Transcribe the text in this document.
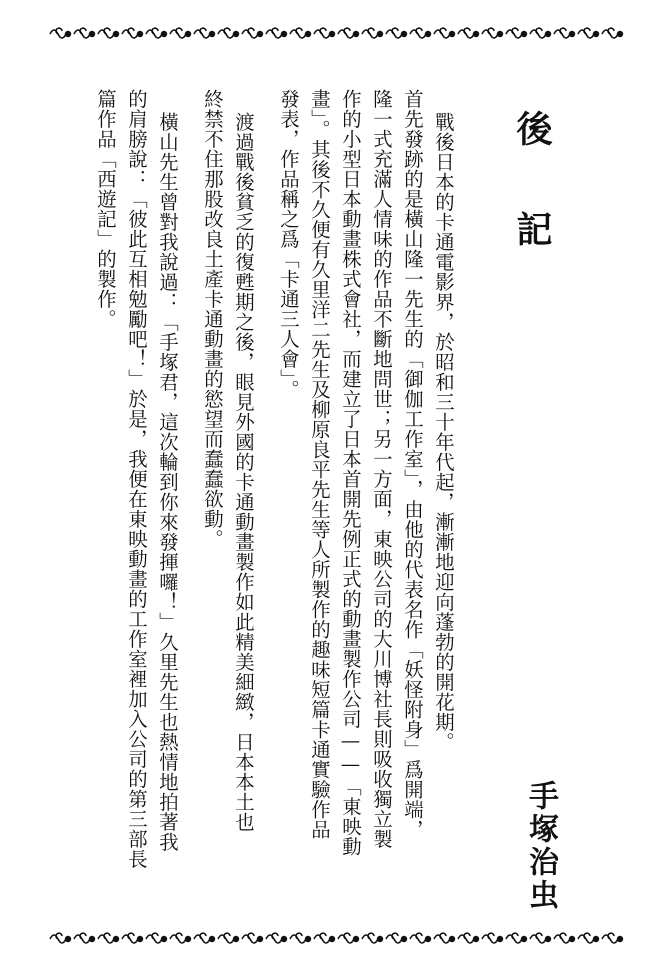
後 記
戰後日本的卡通電影界，於昭和三十年代起，漸漸地迎向蓬勃的開花期。
首先發跡的是橫山隆一先生的「御伽工作室」，由他的代表名作「妖怪附身」爲開端，
隆一式充滿人情味的作品不斷地問世；另一方面，東映公司的大川博社長則吸收獨立製
作的小型日本動畫株式會社，而建立了日本首開先例正式的動畫製作公司——「東映動
畫」。其後不久便有久里洋二先生及柳原良平先生等人所製作的趣味短篇卡通實驗作品
發表，作品稱之爲「卡通三人會」。
渡過戰後貧乏的復甦期之後，眼見外國的卡通動畫製作如此精美細緻，日本本土也
終禁不住那股改良土產卡通動畫的慾望而蠢蠢欲動。
橫山先生曾對我說過：「手塚君，這次輪到你來發揮囉！」久里先生也熱情地拍著我
的肩膀說：「彼此互相勉勵吧！」於是，我便在東映動畫的工作室裡加入公司的第三部長
篇作品「西遊記」的製作。
手塚治虫
